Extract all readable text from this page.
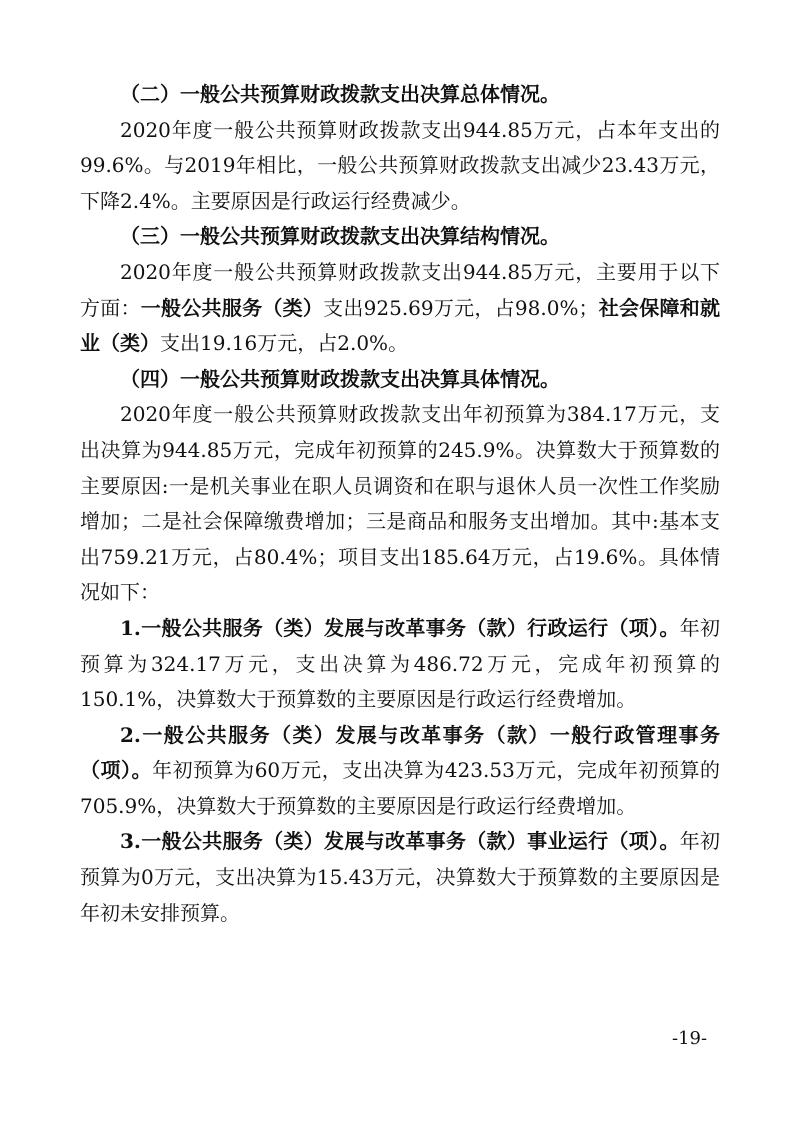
（二）一般公共预算财政拨款支出决算总体情况。

2020年度一般公共预算财政拨款支出944.85万元，占本年支出的99.6%。与2019年相比，一般公共预算财政拨款支出减少23.43万元，下降2.4%。主要原因是行政运行经费减少。

（三）一般公共预算财政拨款支出决算结构情况。

2020年度一般公共预算财政拨款支出944.85万元，主要用于以下方面：一般公共服务（类）支出925.69万元，占98.0%；社会保障和就业（类）支出19.16万元，占2.0%。

（四）一般公共预算财政拨款支出决算具体情况。

2020年度一般公共预算财政拨款支出年初预算为384.17万元，支出决算为944.85万元，完成年初预算的245.9%。决算数大于预算数的主要原因:一是机关事业在职人员调资和在职与退休人员一次性工作奖励增加；二是社会保障缴费增加；三是商品和服务支出增加。其中:基本支出759.21万元，占80.4%；项目支出185.64万元，占19.6%。具体情况如下：

1.一般公共服务（类）发展与改革事务（款）行政运行（项）。年初预算为324.17万元，支出决算为486.72万元，完成年初预算的150.1%，决算数大于预算数的主要原因是行政运行经费增加。

2.一般公共服务（类）发展与改革事务（款）一般行政管理事务（项）。年初预算为60万元，支出决算为423.53万元，完成年初预算的705.9%，决算数大于预算数的主要原因是行政运行经费增加。

3.一般公共服务（类）发展与改革事务（款）事业运行（项）。年初预算为0万元，支出决算为15.43万元，决算数大于预算数的主要原因是年初未安排预算。

-19-
